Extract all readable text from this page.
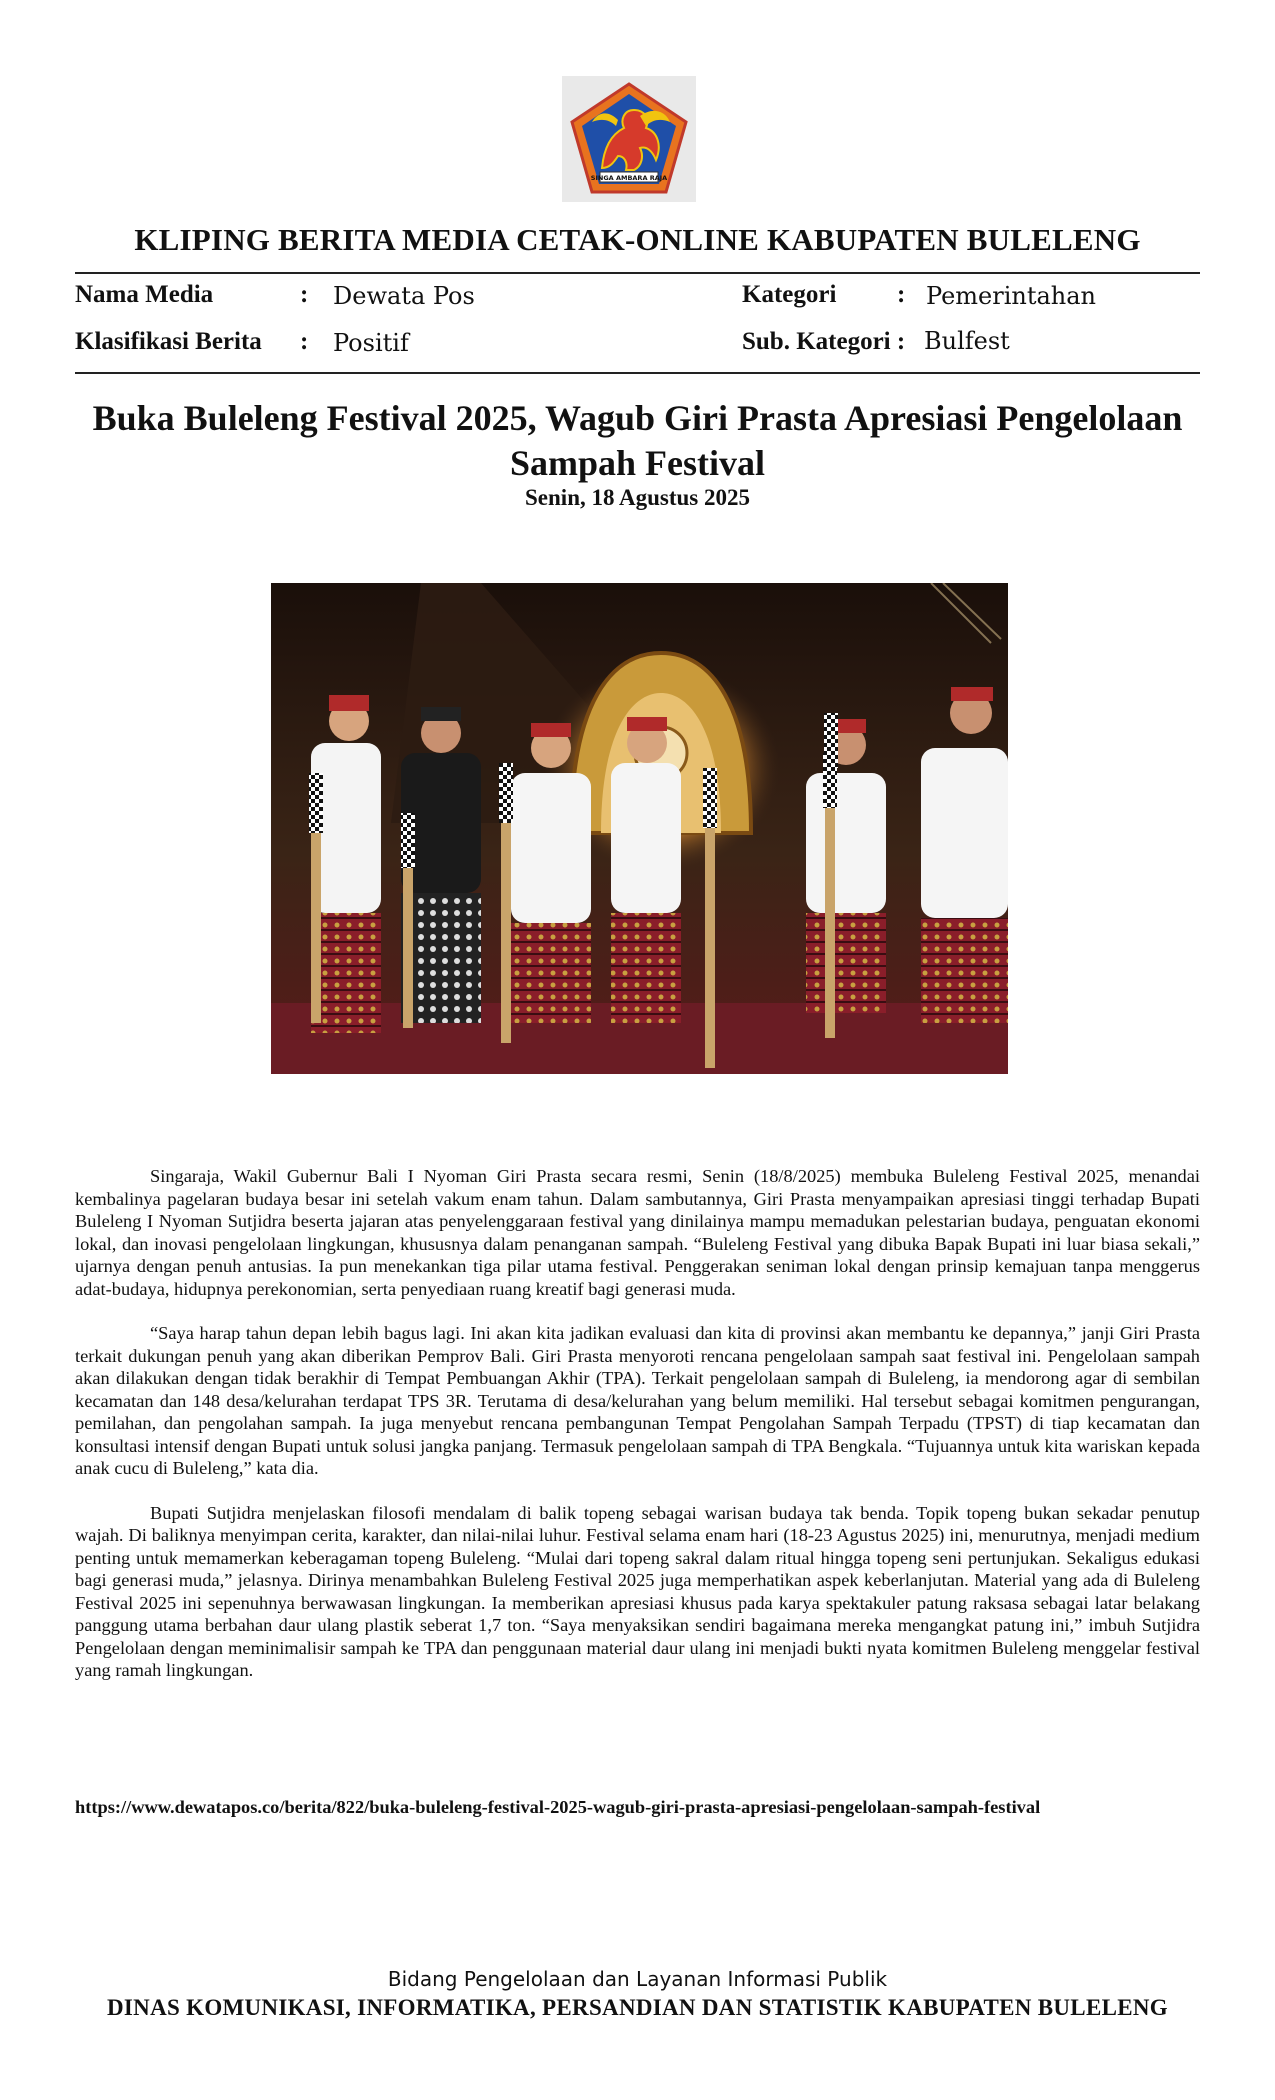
SINGA AMBARA RAJA
KLIPING BERITA MEDIA CETAK-ONLINE KABUPATEN BULELENG
Nama Media	: Dewata Pos	Kategori : Pemerintahan
Klasifikasi Berita : Positif	Sub. Kategori : Bulfest
Buka Buleleng Festival 2025, Wagub Giri Prasta Apresiasi Pengelolaan Sampah Festival
Senin, 18 Agustus 2025

Singaraja, Wakil Gubernur Bali I Nyoman Giri Prasta secara resmi, Senin (18/8/2025) membuka Buleleng Festival 2025, menandai kembalinya pagelaran budaya besar ini setelah vakum enam tahun. Dalam sambutannya, Giri Prasta menyampaikan apresiasi tinggi terhadap Bupati Buleleng I Nyoman Sutjidra beserta jajaran atas penyelenggaraan festival yang dinilainya mampu memadukan pelestarian budaya, penguatan ekonomi lokal, dan inovasi pengelolaan lingkungan, khususnya dalam penanganan sampah. “Buleleng Festival yang dibuka Bapak Bupati ini luar biasa sekali,” ujarnya dengan penuh antusias. Ia pun menekankan tiga pilar utama festival. Penggerakan seniman lokal dengan prinsip kemajuan tanpa menggerus adat-budaya, hidupnya perekonomian, serta penyediaan ruang kreatif bagi generasi muda.

“Saya harap tahun depan lebih bagus lagi. Ini akan kita jadikan evaluasi dan kita di provinsi akan membantu ke depannya,” janji Giri Prasta terkait dukungan penuh yang akan diberikan Pemprov Bali. Giri Prasta menyoroti rencana pengelolaan sampah saat festival ini. Pengelolaan sampah akan dilakukan dengan tidak berakhir di Tempat Pembuangan Akhir (TPA). Terkait pengelolaan sampah di Buleleng, ia mendorong agar di sembilan kecamatan dan 148 desa/kelurahan terdapat TPS 3R. Terutama di desa/kelurahan yang belum memiliki. Hal tersebut sebagai komitmen pengurangan, pemilahan, dan pengolahan sampah. Ia juga menyebut rencana pembangunan Tempat Pengolahan Sampah Terpadu (TPST) di tiap kecamatan dan konsultasi intensif dengan Bupati untuk solusi jangka panjang. Termasuk pengelolaan sampah di TPA Bengkala. “Tujuannya untuk kita wariskan kepada anak cucu di Buleleng,” kata dia.

Bupati Sutjidra menjelaskan filosofi mendalam di balik topeng sebagai warisan budaya tak benda. Topik topeng bukan sekadar penutup wajah. Di baliknya menyimpan cerita, karakter, dan nilai-nilai luhur. Festival selama enam hari (18-23 Agustus 2025) ini, menurutnya, menjadi medium penting untuk memamerkan keberagaman topeng Buleleng. “Mulai dari topeng sakral dalam ritual hingga topeng seni pertunjukan. Sekaligus edukasi bagi generasi muda,” jelasnya. Dirinya menambahkan Buleleng Festival 2025 juga memperhatikan aspek keberlanjutan. Material yang ada di Buleleng Festival 2025 ini sepenuhnya berwawasan lingkungan. Ia memberikan apresiasi khusus pada karya spektakuler patung raksasa sebagai latar belakang panggung utama berbahan daur ulang plastik seberat 1,7 ton. “Saya menyaksikan sendiri bagaimana mereka mengangkat patung ini,” imbuh Sutjidra Pengelolaan dengan meminimalisir sampah ke TPA dan penggunaan material daur ulang ini menjadi bukti nyata komitmen Buleleng menggelar festival yang ramah lingkungan.

https://www.dewatapos.co/berita/822/buka-buleleng-festival-2025-wagub-giri-prasta-apresiasi-pengelolaan-sampah-festival
Bidang Pengelolaan dan Layanan Informasi Publik
DINAS KOMUNIKASI, INFORMATIKA, PERSANDIAN DAN STATISTIK KABUPATEN BULELENG
